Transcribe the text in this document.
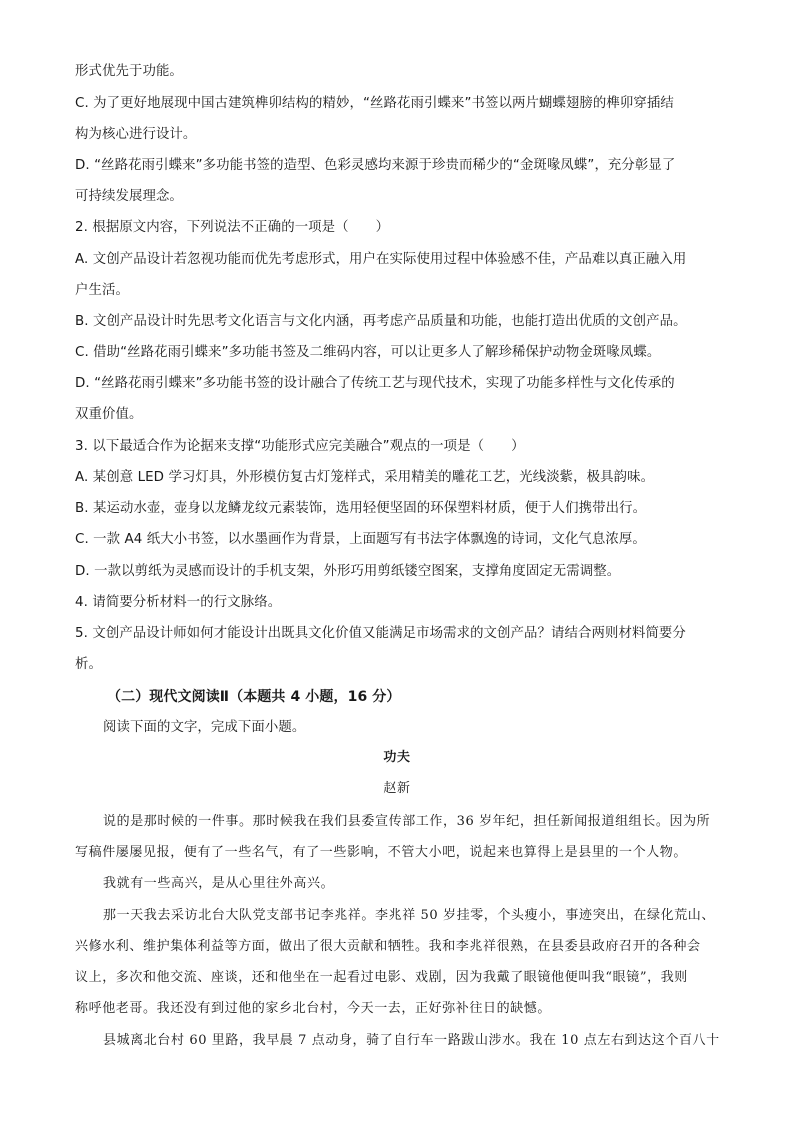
形式优先于功能。
C. 为了更好地展现中国古建筑榫卯结构的精妙，“丝路花雨引蝶来”书签以两片蝴蝶翅膀的榫卯穿插结
构为核心进行设计。
D. “丝路花雨引蝶来”多功能书签的造型、色彩灵感均来源于珍贵而稀少的“金斑喙凤蝶”，充分彰显了
可持续发展理念。
2. 根据原文内容，下列说法不正确的一项是（　　）
A. 文创产品设计若忽视功能而优先考虑形式，用户在实际使用过程中体验感不佳，产品难以真正融入用
户生活。
B. 文创产品设计时先思考文化语言与文化内涵，再考虑产品质量和功能，也能打造出优质的文创产品。
C. 借助“丝路花雨引蝶来”多功能书签及二维码内容，可以让更多人了解珍稀保护动物金斑喙凤蝶。
D. “丝路花雨引蝶来”多功能书签的设计融合了传统工艺与现代技术，实现了功能多样性与文化传承的
双重价值。
3. 以下最适合作为论据来支撑“功能形式应完美融合”观点的一项是（　　）
A. 某创意 LED 学习灯具，外形模仿复古灯笼样式，采用精美的雕花工艺，光线淡紫，极具韵味。
B. 某运动水壶，壶身以龙鳞龙纹元素装饰，选用轻便坚固的环保塑料材质，便于人们携带出行。
C. 一款 A4 纸大小书签，以水墨画作为背景，上面题写有书法字体飘逸的诗词，文化气息浓厚。
D. 一款以剪纸为灵感而设计的手机支架，外形巧用剪纸镂空图案，支撑角度固定无需调整。
4. 请简要分析材料一的行文脉络。
5. 文创产品设计师如何才能设计出既具文化价值又能满足市场需求的文创产品？请结合两则材料简要分
析。
（二）现代文阅读Ⅱ（本题共 4 小题，16 分）
阅读下面的文字，完成下面小题。
功夫
赵新
说的是那时候的一件事。那时候我在我们县委宣传部工作，36 岁年纪，担任新闻报道组组长。因为所
写稿件屡屡见报，便有了一些名气，有了一些影响，不管大小吧，说起来也算得上是县里的一个人物。
我就有一些高兴，是从心里往外高兴。
那一天我去采访北台大队党支部书记李兆祥。李兆祥 50 岁挂零，个头瘦小，事迹突出，在绿化荒山、
兴修水利、维护集体利益等方面，做出了很大贡献和牺牲。我和李兆祥很熟，在县委县政府召开的各种会
议上，多次和他交流、座谈，还和他坐在一起看过电影、戏剧，因为我戴了眼镜他便叫我“眼镜”，我则
称呼他老哥。我还没有到过他的家乡北台村，今天一去，正好弥补往日的缺憾。
县城离北台村 60 里路，我早晨 7 点动身，骑了自行车一路跋山涉水。我在 10 点左右到达这个百八十
